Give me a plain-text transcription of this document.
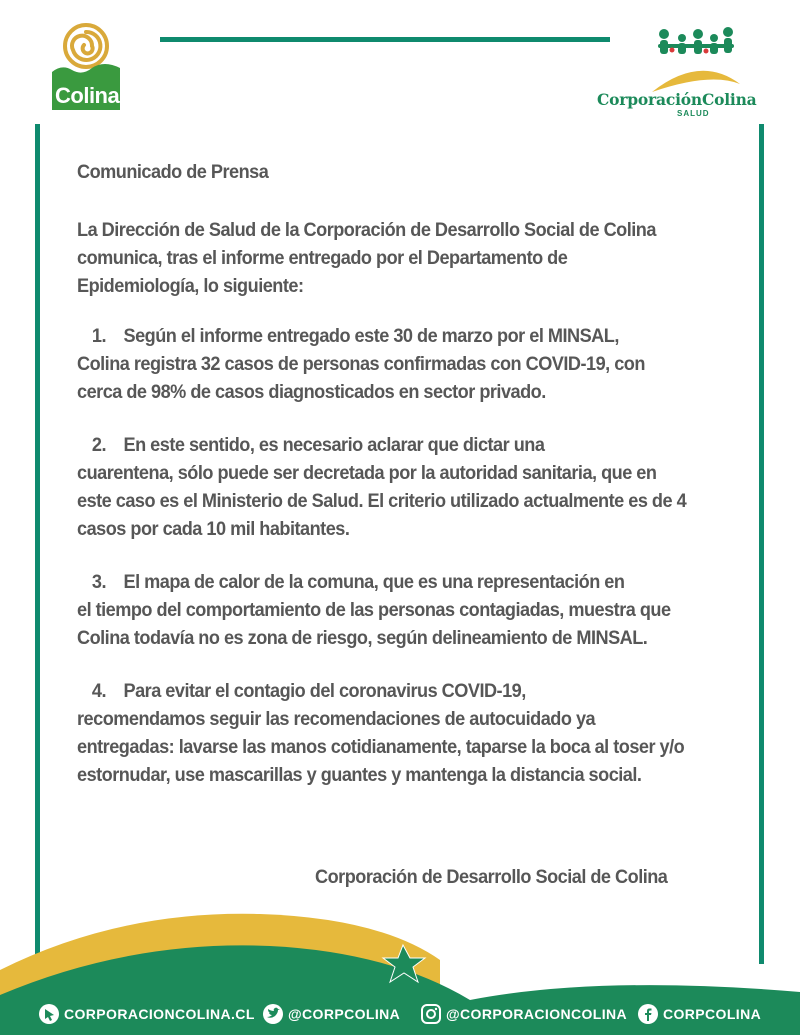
Colina	CorporaciónColina
SALUD

Comunicado de Prensa

La Dirección de Salud de la Corporación de Desarrollo Social de Colina comunica, tras el informe entregado por el Departamento de Epidemiología, lo siguiente:

1. Según el informe entregado este 30 de marzo por el MINSAL,
Colina registra 32 casos de personas confirmadas con COVID-19, con cerca de 98% de casos diagnosticados en sector privado.

2. En este sentido, es necesario aclarar que dictar una
cuarentena, sólo puede ser decretada por la autoridad sanitaria, que en este caso es el Ministerio de Salud. El criterio utilizado actualmente es de 4 casos por cada 10 mil habitantes.

3. El mapa de calor de la comuna, que es una representación en
el tiempo del comportamiento de las personas contagiadas, muestra que Colina todavía no es zona de riesgo, según delineamiento de MINSAL.

4. Para evitar el contagio del coronavirus COVID-19,
recomendamos seguir las recomendaciones de autocuidado ya entregadas: lavarse las manos cotidianamente, taparse la boca al toser y/o estornudar, use mascarillas y guantes y mantenga la distancia social.

Corporación de Desarrollo Social de Colina
CORPORACIONCOLINA.CL @CORPCOLINA	@CORPORACIONCOLINA	CORPCOLINA
